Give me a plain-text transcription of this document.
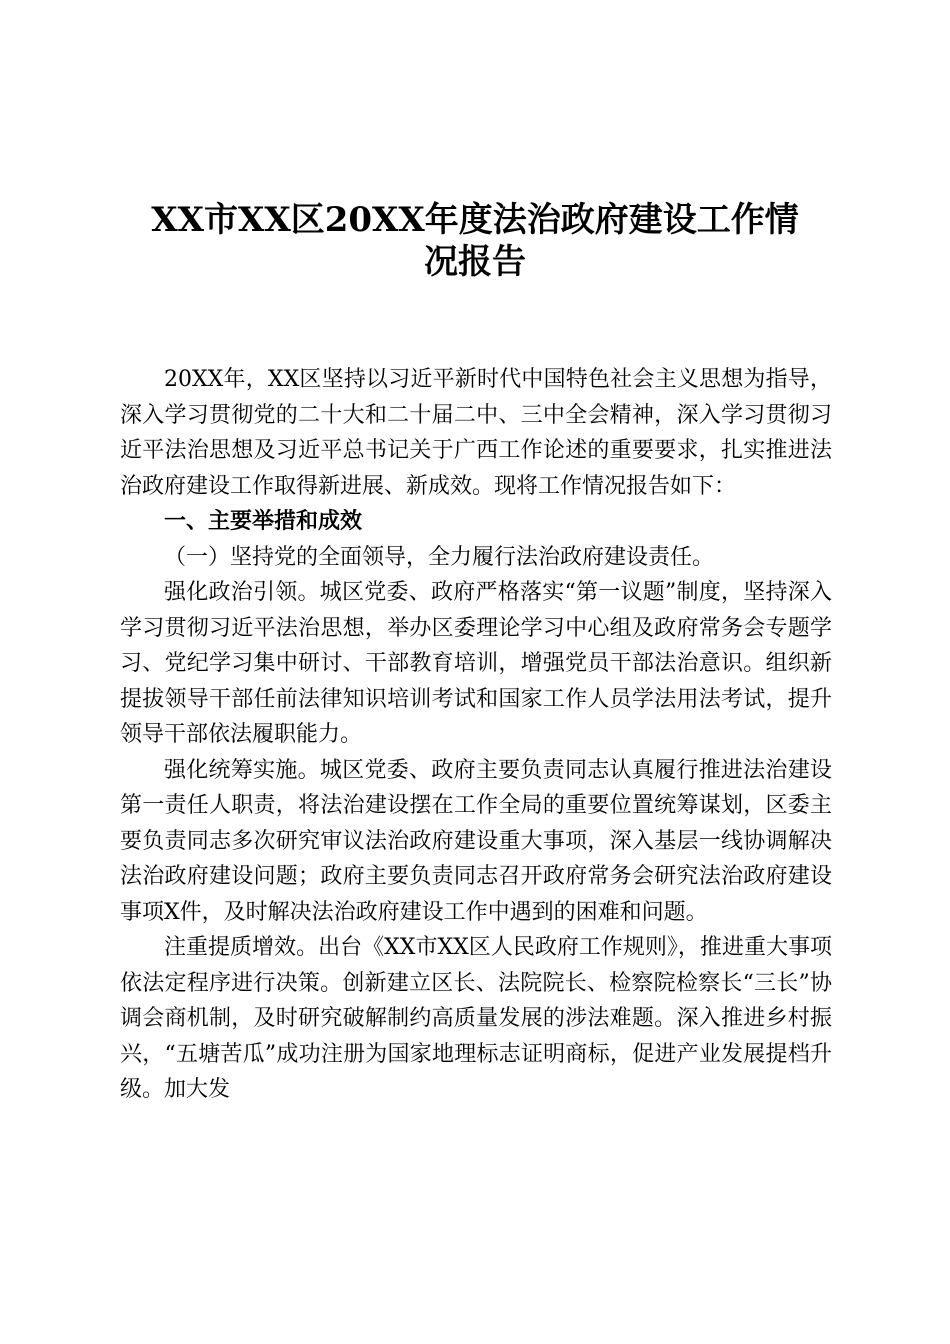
XX市XX区20XX年度法治政府建设工作情
况报告

20XX年，XX区坚持以习近平新时代中国特色社会主义思想为指导，深入学习贯彻党的二十大和二十届二中、三中全会精神，深入学习贯彻习近平法治思想及习近平总书记关于广西工作论述的重要要求，扎实推进法治政府建设工作取得新进展、新成效。现将工作情况报告如下：

一、主要举措和成效

（一）坚持党的全面领导，全力履行法治政府建设责任。

强化政治引领。城区党委、政府严格落实“第一议题”制度，坚持深入学习贯彻习近平法治思想，举办区委理论学习中心组及政府常务会专题学习、党纪学习集中研讨、干部教育培训，增强党员干部法治意识。组织新提拔领导干部任前法律知识培训考试和国家工作人员学法用法考试，提升领导干部依法履职能力。

强化统筹实施。城区党委、政府主要负责同志认真履行推进法治建设第一责任人职责，将法治建设摆在工作全局的重要位置统筹谋划，区委主要负责同志多次研究审议法治政府建设重大事项，深入基层一线协调解决法治政府建设问题；政府主要负责同志召开政府常务会研究法治政府建设事项X件，及时解决法治政府建设工作中遇到的困难和问题。

注重提质增效。出台《XX市XX区人民政府工作规则》，推进重大事项依法定程序进行决策。创新建立区长、法院院长、检察院检察长“三长”协调会商机制，及时研究破解制约高质量发展的涉法难题。深入推进乡村振兴，“五塘苦瓜”成功注册为国家地理标志证明商标，促进产业发展提档升级。加大发
